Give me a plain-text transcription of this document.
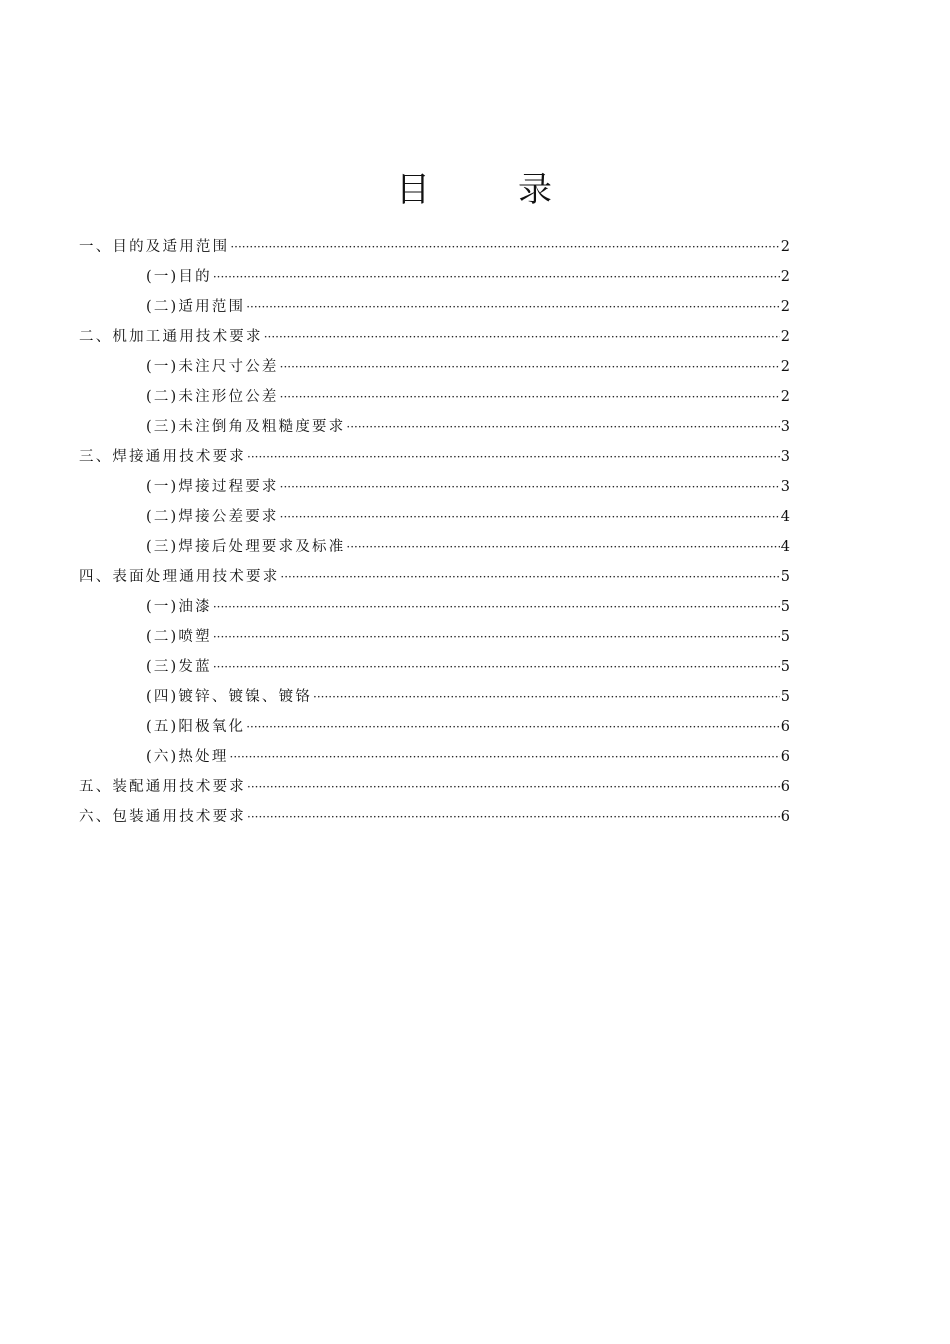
目	录
一、目的及适用范围 ·····	2
(一)目的 ·····	2
(二)适用范围 ·····	2
二、机加工通用技术要求 ·····	2
(一)未注尺寸公差 ·····	2
(二)未注形位公差 ·····	2
(三)未注倒角及粗糙度要求 ·····	3
三、焊接通用技术要求 ·····	3
(一)焊接过程要求 ·····	3
(二)焊接公差要求 ·····	4
(三)焊接后处理要求及标准 ·····	4
四、表面处理通用技术要求 ·····	5
(一)油漆 ·····	5
(二)喷塑 ·····	5
(三)发蓝 ·····	5
(四)镀锌、镀镍、镀铬 ·····	5
(五)阳极氧化 ·····	6
(六)热处理 ·····	6
五、装配通用技术要求 ·····	6
六、包装通用技术要求 ·····	6
